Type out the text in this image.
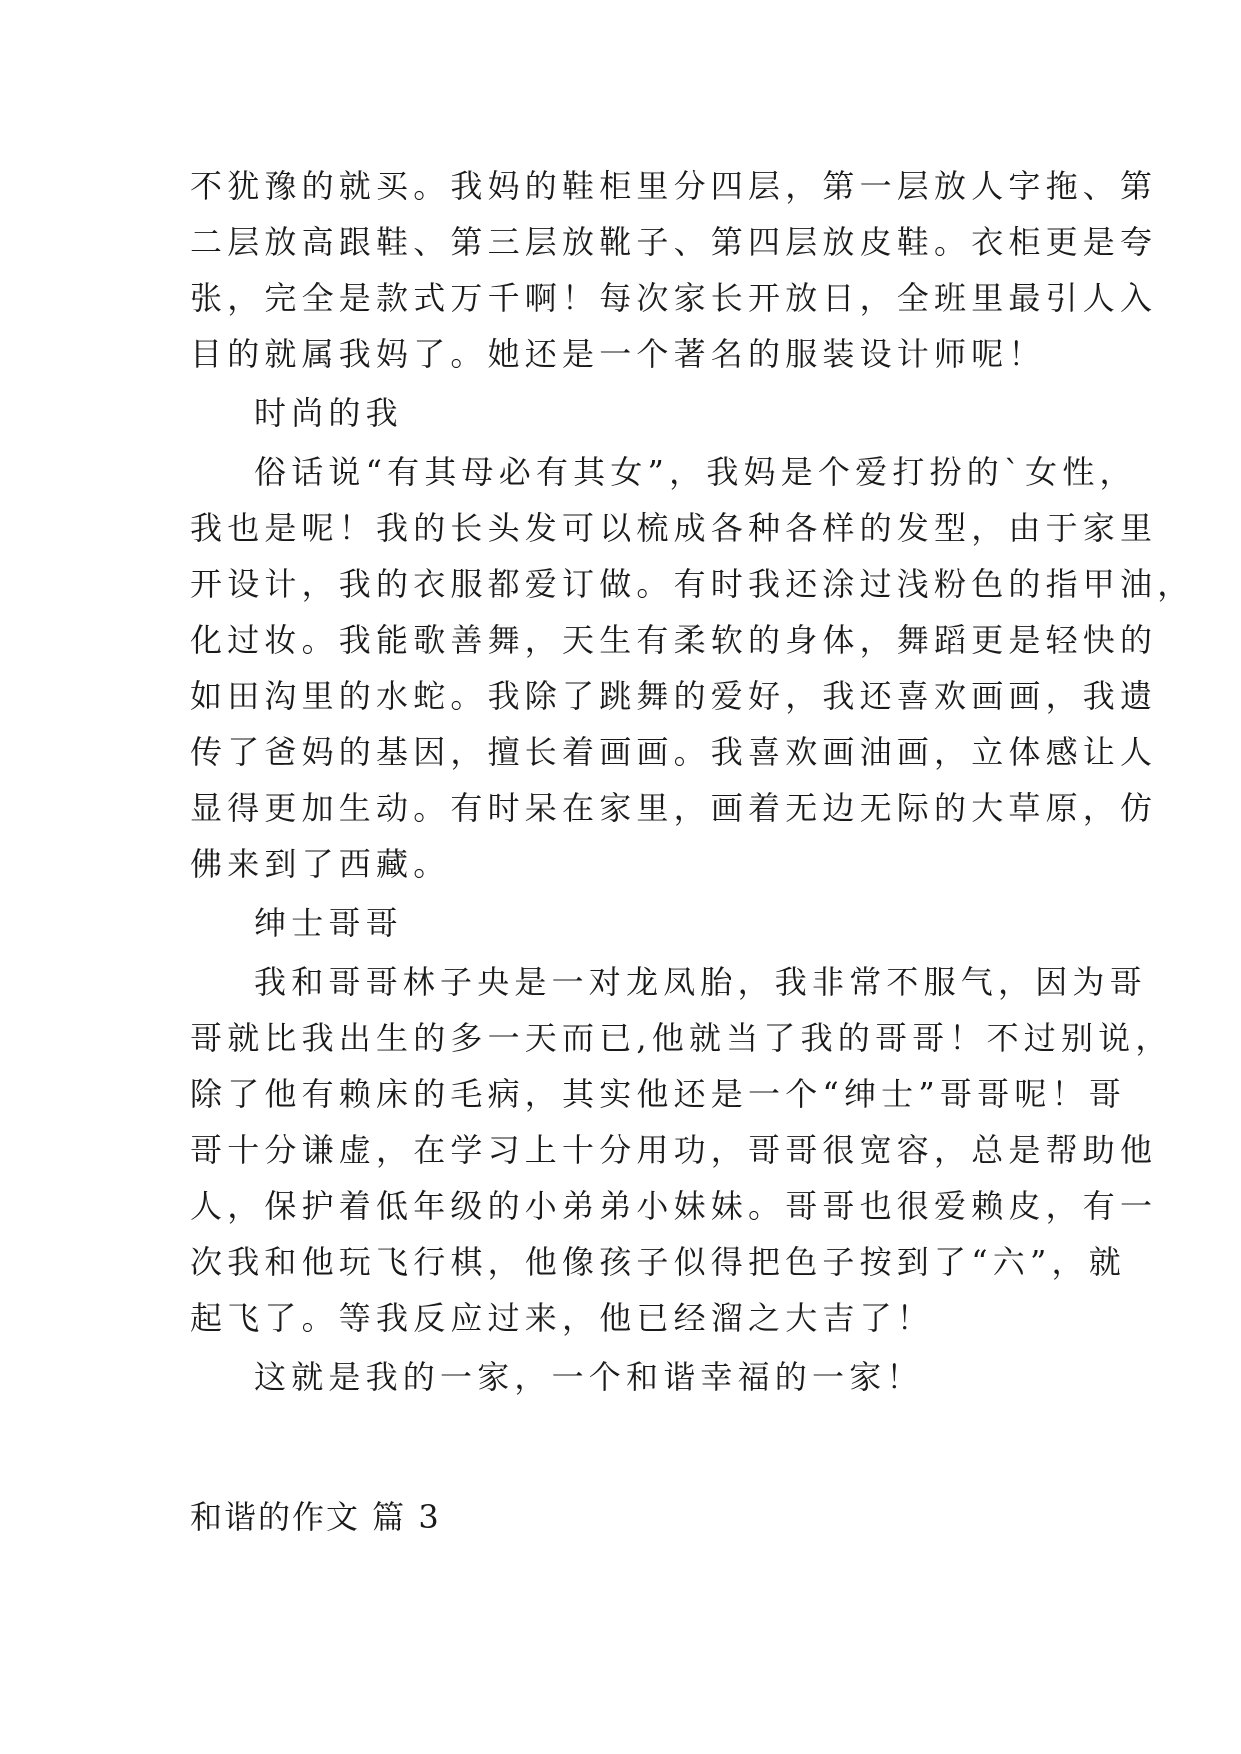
不犹豫的就买。我妈的鞋柜里分四层，第一层放人字拖、第
二层放高跟鞋、第三层放靴子、第四层放皮鞋。衣柜更是夸
张，完全是款式万千啊！每次家长开放日，全班里最引人入
目的就属我妈了。她还是一个著名的服装设计师呢！
时尚的我
俗话说“有其母必有其女”，我妈是个爱打扮的`女性，
我也是呢！我的长头发可以梳成各种各样的发型，由于家里
开设计，我的衣服都爱订做。有时我还涂过浅粉色的指甲油，
化过妆。我能歌善舞，天生有柔软的身体，舞蹈更是轻快的
如田沟里的水蛇。我除了跳舞的爱好，我还喜欢画画，我遗
传了爸妈的基因，擅长着画画。我喜欢画油画，立体感让人
显得更加生动。有时呆在家里，画着无边无际的大草原，仿
佛来到了西藏。
绅士哥哥
我和哥哥林子央是一对龙凤胎，我非常不服气，因为哥
哥就比我出生的多一天而已,他就当了我的哥哥！不过别说，
除了他有赖床的毛病，其实他还是一个“绅士”哥哥呢！哥
哥十分谦虚，在学习上十分用功，哥哥很宽容，总是帮助他
人，保护着低年级的小弟弟小妹妹。哥哥也很爱赖皮，有一
次我和他玩飞行棋，他像孩子似得把色子按到了“六”，就
起飞了。等我反应过来，他已经溜之大吉了！
这就是我的一家，一个和谐幸福的一家！
和谐的作文 篇 3
